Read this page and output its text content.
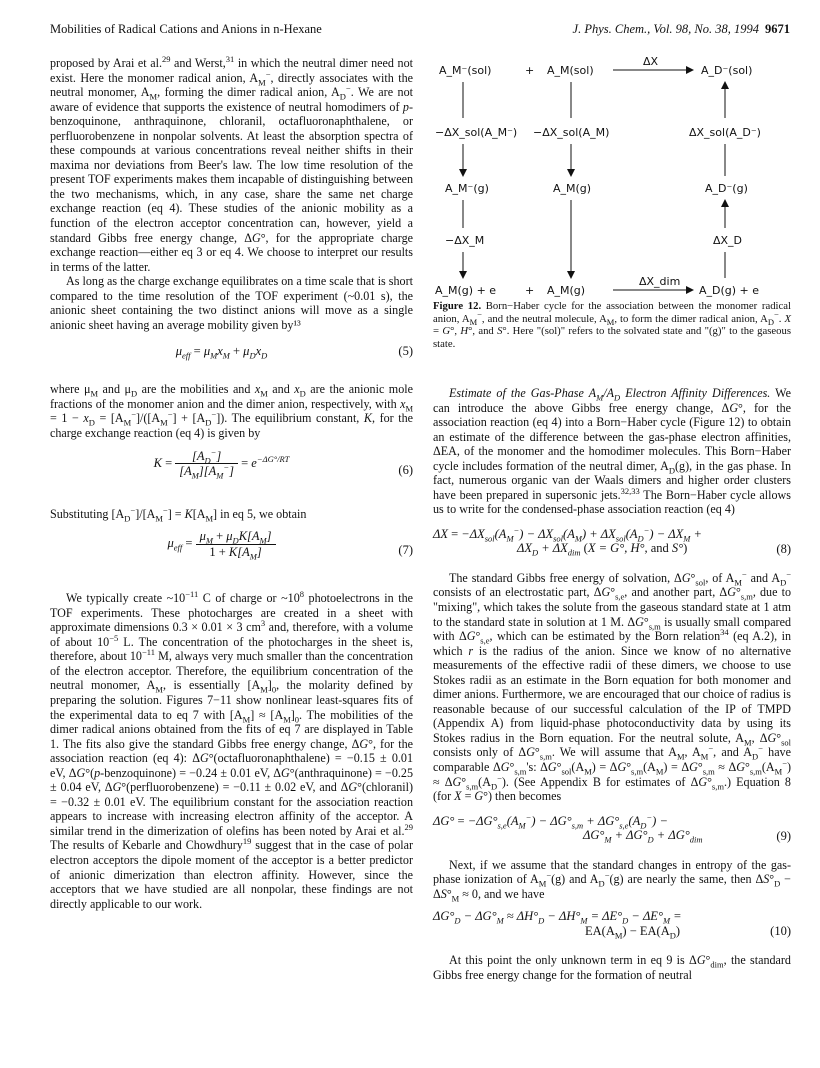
Mobilities of Radical Cations and Anions in n-Hexane	J. Phys. Chem., Vol. 98, No. 38, 1994 9671

proposed by Arai et al.$^{29}$ and Werst,$^{31}$ in which the neutral dimer need not exist. Here the monomer radical anion, $A_M^-$, directly associates with the neutral monomer, $A_M$, forming the dimer radical anion, $A_D^-$. We are not aware of evidence that supports the existence of neutral homodimers of p-benzoquinone, anthraquinone, chloranil, octafluoronaphthalene, or perfluorobenzene in nonpolar solvents. At least the absorption spectra of these compounds at various concentrations reveal neither shifts in their maxima nor deviations from Beer's law. The low time resolution of the present TOF experiments makes them incapable of distinguishing between the two mechanisms, which, in any case, share the same net charge exchange reaction (eq 4). These studies of the anionic mobility as a function of the electron acceptor concentration can, however, yield a standard Gibbs free energy change, ΔG°, for the appropriate charge exchange reaction—either eq 3 or eq 4. We choose to interpret our results in terms of the latter.

As long as the charge exchange equilibrates on a time scale that is short compared to the time resolution of the TOF experiment (~0.01 s), the anionic sheet containing the two distinct anions will move as a single anionic sheet having an average mobility given by¹³

$\mu_{eff} = \mu_Mx_M + \mu_Dx_D$	(5)

where $\mu_M$ and $\mu_D$ are the mobilities and $x_M$ and $x_D$ are the anionic mole fractions of the monomer anion and the dimer anion, respectively, with $x_M = 1 - x_D = [A_M^-]/([A_M^-] + [A_D^-])$. The equilibrium constant, K, for the charge exchange reaction (eq 4) is given by

$K = \frac{[A_D^-]}{[A_M][A_M^-]} = e^{-\Delta G^\circ/RT}$
(6)

Substituting $[A_D^-]/[A_M^-] = K[A_M]$ in eq 5, we obtain

$\mu_{eff} = \frac{\mu_M + \mu_DK[A_M]}{1 + K[A_M]}$	(7)

We typically create $\sim 10^{-11}$ C of charge or $\sim 10^8$ photoelectrons in the TOF experiments. These photocharges are created in a sheet with approximate dimensions 0.3 × 0.01 × 3 $cm^3$ and, therefore, with a volume of about $10^{-5}$ L. The concentration of the photocharges in the sheet is, therefore, about $10^{-11}$ M, always very much smaller than the concentration of the electron acceptor. Therefore, the equilibrium concentration of the neutral monomer, $A_M$, is essentially $[A_M]_0$, the molarity defined by preparing the solution. Figures 7−11 show nonlinear least-squares fits of the experimental data to eq 7 with $[A_M] \approx [A_M]_0$. The mobilities of the dimer radical anions obtained from the fits of eq 7 are displayed in Table 1. The fits also give the standard Gibbs free energy change, ΔG°, for the association reaction (eq 4): ΔG°(octafluoronaphthalene) = −0.15 ± 0.01 eV, ΔG°(p-benzoquinone) = −0.24 ± 0.01 eV, ΔG°(anthraquinone) = −0.25 ± 0.04 eV, ΔG°(perfluorobenzene) = −0.11 ± 0.02 eV, and ΔG°(chloranil) = −0.32 ± 0.01 eV. The equilibrium constant for the association reaction appears to increase with increasing electron affinity of the acceptor. A similar trend in the dimerization of olefins has been noted by Arai et al.$^{29}$ The results of Kebarle and Chowdhury$^{19}$ suggest that in the case of polar electron acceptors the dipole moment of the acceptor is a better predictor of anionic dimerization than electron affinity. However, since the acceptors that we have studied are all nonpolar, these findings are not directly applicable to our work.

A_M⁻(sol)	+ A_M(sol)
ΔX
A_D⁻(sol)
−ΔX_sol(A_M⁻) −ΔX_sol(A_M)	ΔX_sol(A_D⁻)
A_M⁻(g)	A_M(g)	A_D⁻(g)
−ΔX_M	ΔX_D
A_M(g) + e	+ A_M(g)
ΔX_dim
A_D(g) + e
Figure 12. Born−Haber cycle for the association between the monomer radical anion, $A_M^-$, and the neutral molecule, $A_M$, to form the dimer radical anion, $A_D^-$. X = G°, H°, and S°. Here "(sol)" refers to the solvated state and "(g)" to the gaseous state.

Estimate of the Gas-Phase $A_M/A_D$ Electron Affinity Differences. We can introduce the above Gibbs free energy change, ΔG°, for the association reaction (eq 4) into a Born−Haber cycle (Figure 12) to obtain an estimate of the difference between the gas-phase electron affinities, ΔEA, of the monomer and the homodimer molecules. This Born−Haber cycle includes formation of the neutral dimer, $A_D(g)$, in the gas phase. In fact, numerous organic van der Waals dimers and higher order clusters have been prepared in supersonic jets.$^{32,33}$ The Born−Haber cycle allows us to write for the condensed-phase association reaction (eq 4)

$\Delta X = -\Delta X_{sol}(A_M^-) - \Delta X_{sol}(A_M) + \Delta X_{sol}(A_D^-) - \Delta X_M$ +
$\Delta X_D + \Delta X_{dim}$ (X = G°, H°, and S°)	(8)

The standard Gibbs free energy of solvation, $\Delta G^\circ_{sol}$, of $A_M^-$ and $A_D^-$ consists of an electrostatic part, $\Delta G^\circ_{s,e}$, and another part, $\Delta G^\circ_{s,m}$, due to "mixing", which takes the solute from the gaseous standard state at 1 atm to the standard state in solution at 1 M. $\Delta G^\circ_{s,m}$ is usually small compared with $\Delta G^\circ_{s,e}$, which can be estimated by the Born relation$^{34}$ (eq A.2), in which r is the radius of the anion. Since we know of no alternative measurements of the effective radii of these dimers, we choose to use Stokes radii as an estimate in the Born equation for both monomer and dimer anions. Furthermore, we are encouraged that our choice of radius is reasonable because of our successful calculation of the IP of TMPD (Appendix A) from liquid-phase photoconductivity data by using its Stokes radius in the Born equation. For the neutral solute, $A_M$, $\Delta G^\circ_{sol}$ consists only of $\Delta G^\circ_{s,m}$. We will assume that $A_M$, $A_M^-$, and $A_D^-$ have comparable $\Delta G^\circ_{s,m}'s$: $\Delta G^\circ_{sol}(A_M) = \Delta G^\circ_{s,m}(A_M) = \Delta G^\circ_{s,m} \approx \Delta G^\circ_{s,m}(A_M^-) \approx \Delta G^\circ_{s,m}(A_D^-)$. (See Appendix B for estimates of $\Delta G^\circ_{s,m}$.) Equation 8 (for X = G°) then becomes

$\Delta G^\circ = -\Delta G^\circ_{s,e}(A_M^-) - \Delta G^\circ_{s,m} + \Delta G^\circ_{s,e}(A_D^-)$ −
$\Delta G^\circ_M + \Delta G^\circ_D + \Delta G^\circ_{dim}$	(9)

Next, if we assume that the standard changes in entropy of the gas-phase ionization of $A_M^-(g)$ and $A_D^-(g)$ are nearly the same, then $\Delta S^\circ_D - \Delta S^\circ_M \approx 0$, and we have

$\Delta G^\circ_D - \Delta G^\circ_M \approx \Delta H^\circ_D - \Delta H^\circ_M = \Delta E^\circ_D - \Delta E^\circ_M$ =
$EA(A_M) - EA(A_D)$	(10)

At this point the only unknown term in eq 9 is $\Delta G^\circ_{dim}$, the standard Gibbs free energy change for the formation of neutral
